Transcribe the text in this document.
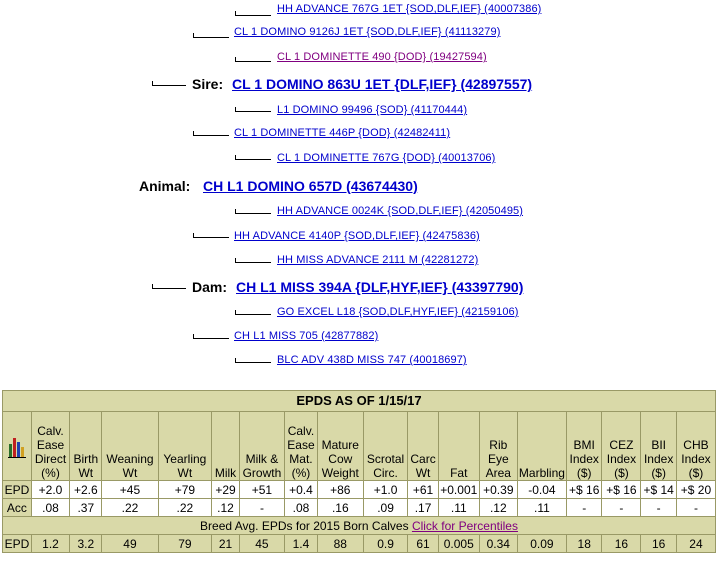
HH ADVANCE 767G 1ET {SOD,DLF,IEF} (40007386)
CL 1 DOMINO 9126J 1ET {SOD,DLF,IEF} (41113279)
CL 1 DOMINETTE 490 {DOD} (19427594)
Sire: CL 1 DOMINO 863U 1ET {DLF,IEF} (42897557)
L1 DOMINO 99496 {SOD} (41170444)
CL 1 DOMINETTE 446P {DOD} (42482411)
CL 1 DOMINETTE 767G {DOD} (40013706)
Animal: CH L1 DOMINO 657D (43674430)
HH ADVANCE 0024K {SOD,DLF,IEF} (42050495)
HH ADVANCE 4140P {SOD,DLF,IEF} (42475836)
HH MISS ADVANCE 2111 M (42281272)
Dam: CH L1 MISS 394A {DLF,HYF,IEF} (43397790)
GO EXCEL L18 {SOD,DLF,HYF,IEF} (42159106)
CH L1 MISS 705 (42877882)
BLC ADV 438D MISS 747 (40018697)
EPDS AS OF 1/15/17																	
	Calv. Ease Direct (%)	Birth Wt	Weaning Wt	Yearling Wt	Milk	Milk & Growth	Calv. Ease Mat. (%)	Mature Cow Weight	Scrotal Circ.	Carc Wt	Fat	Rib Eye Area	Marbling	BMI Index ($)	CEZ Index ($)	BII Index ($)	CHB Index ($)
EPD	+2.0	+2.6	+45	+79	+29	+51	+0.4	+86	+1.0	+61	+0.001	+0.39	-0.04	+$ 16	+$ 16	+$ 14	+$ 20
Acc	.08	.37	.22	.22	.12	-	.08	.16	.09	.17	.11	.12	.11	-	-	-	-
Breed Avg. EPDs for 2015 Born Calves Click for Percentiles																	
EPD	1.2	3.2	49	79	21	45	1.4	88	0.9	61	0.005	0.34	0.09	18	16	16	24
